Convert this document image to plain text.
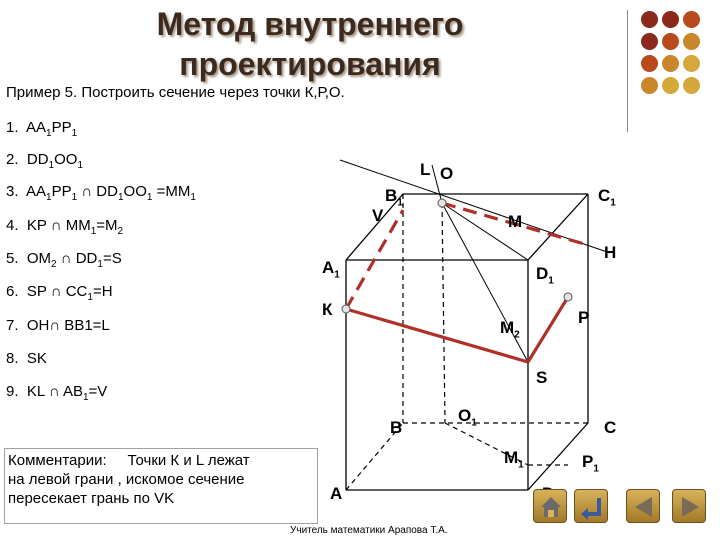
Метод внутреннего
проектирования
Пример 5. Построить сечение через точки К,Р,О.
1. $AA_1PP_1$
2. $DD_1OO_1$
3. $AA_1PP_1$ ∩ $DD_1OO_1 =MM_1$
4. KP ∩ $MM_1=M_2$
5. $OM_2$ ∩ $DD_1=S$
6. SP ∩ $CC_1=H$
7. OH∩ BB1=L
8. SK
9. KL ∩ $AB_1=V$
L O
$B_1$	$C_1$
V	M
H
$A_1$	$D_1$
К	P
$M_2$
S
B
$O_1$	C
$M_1$	$P_1$
A
Комментарии: Точки К и L лежат
на левой грани , искомое сечение
пересекает грань по VK
Учитель математики Арапова Т.А.
